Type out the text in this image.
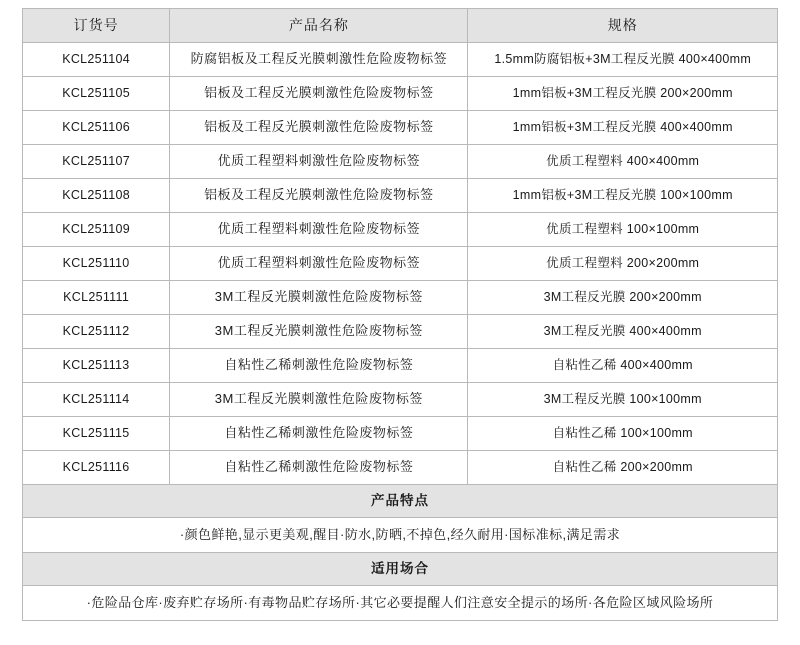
订货号	产品名称	规格
KCL251104	防腐铝板及工程反光膜刺激性危险废物标签	1.5mm防腐铝板+3M工程反光膜 400×400mm
KCL251105	铝板及工程反光膜刺激性危险废物标签	1mm铝板+3M工程反光膜 200×200mm
KCL251106	铝板及工程反光膜刺激性危险废物标签	1mm铝板+3M工程反光膜 400×400mm
KCL251107	优质工程塑料刺激性危险废物标签	优质工程塑料 400×400mm
KCL251108	铝板及工程反光膜刺激性危险废物标签	1mm铝板+3M工程反光膜 100×100mm
KCL251109	优质工程塑料刺激性危险废物标签	优质工程塑料 100×100mm
KCL251110	优质工程塑料刺激性危险废物标签	优质工程塑料 200×200mm
KCL251111	3M工程反光膜刺激性危险废物标签	3M工程反光膜 200×200mm
KCL251112	3M工程反光膜刺激性危险废物标签	3M工程反光膜 400×400mm
KCL251113	自粘性乙稀刺激性危险废物标签	自粘性乙稀 400×400mm
KCL251114	3M工程反光膜刺激性危险废物标签	3M工程反光膜 100×100mm
KCL251115	自粘性乙稀刺激性危险废物标签	自粘性乙稀 100×100mm
KCL251116	自粘性乙稀刺激性危险废物标签	自粘性乙稀 200×200mm
产品特点		
·颜色鲜艳,显示更美观,醒目·防水,防晒,不掉色,经久耐用·国标准标,满足需求		
适用场合		
·危险品仓库·废弃贮存场所·有毒物品贮存场所·其它必要提醒人们注意安全提示的场所·各危险区域风险场所		
